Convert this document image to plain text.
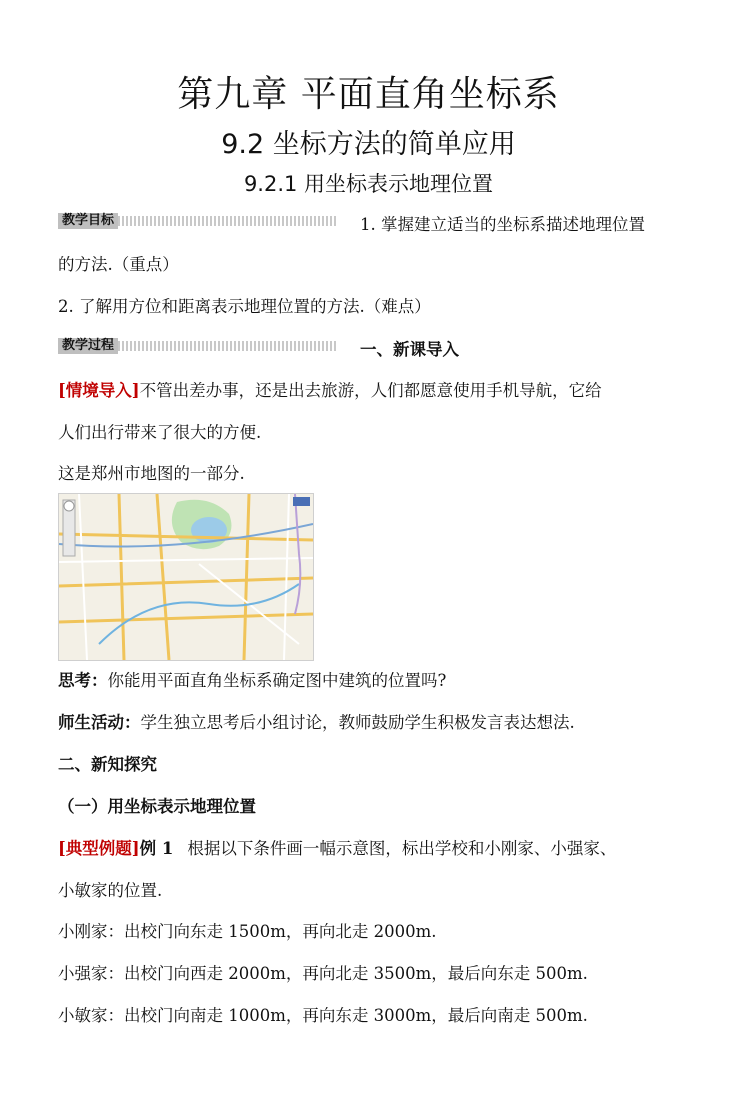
第九章 平面直角坐标系
9.2 坐标方法的简单应用
9.2.1 用坐标表示地理位置
教学目标	1. 掌握建立适当的坐标系描述地理位置
的方法.（重点）
2. 了解用方位和距离表示地理位置的方法.（难点）
教学过程	一、新课导入
[情境导入]不管出差办事，还是出去旅游，人们都愿意使用手机导航，它给
人们出行带来了很大的方便.
这是郑州市地图的一部分.
思考：你能用平面直角坐标系确定图中建筑的位置吗?
师生活动：学生独立思考后小组讨论，教师鼓励学生积极发言表达想法.
二、新知探究
（一）用坐标表示地理位置
[典型例题]例 1 根据以下条件画一幅示意图，标出学校和小刚家、小强家、
小敏家的位置.
小刚家：出校门向东走 1500m，再向北走 2000m.
小强家：出校门向西走 2000m，再向北走 3500m，最后向东走 500m.
小敏家：出校门向南走 1000m，再向东走 3000m，最后向南走 500m.
